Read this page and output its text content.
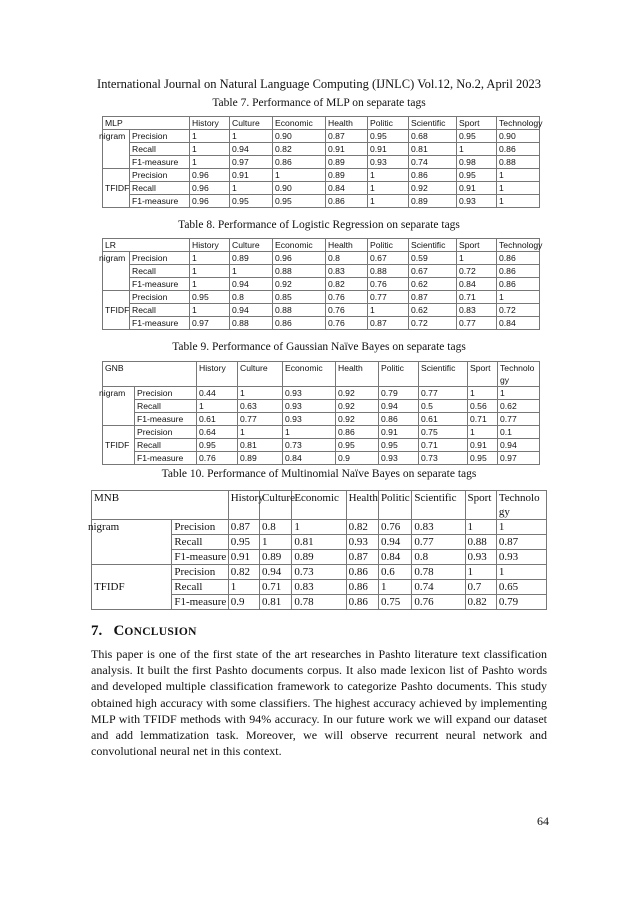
International Journal on Natural Language Computing (IJNLC) Vol.12, No.2, April 2023
Table 7. Performance of MLP on separate tags
MLP		History	Culture	Economic	Health	Politic	Scientific	Sport	Technology
nigram	Precision	1	1	0.90	0.87	0.95	0.68	0.95	0.90
	Recall	1	0.94	0.82	0.91	0.91	0.81	1	0.86
	F1-measure	1	0.97	0.86	0.89	0.93	0.74	0.98	0.88
TFIDF	Precision	0.96	0.91	1	0.89	1	0.86	0.95	1
	Recall	0.96	1	0.90	0.84	1	0.92	0.91	1
	F1-measure	0.96	0.95	0.95	0.86	1	0.89	0.93	1
Table 8. Performance of Logistic Regression on separate tags
LR		History	Culture	Economic	Health	Politic	Scientific	Sport	Technology
nigram	Precision	1	0.89	0.96	0.8	0.67	0.59	1	0.86
	Recall	1	1	0.88	0.83	0.88	0.67	0.72	0.86
	F1-measure	1	0.94	0.92	0.82	0.76	0.62	0.84	0.86
TFIDF	Precision	0.95	0.8	0.85	0.76	0.77	0.87	0.71	1
	Recall	1	0.94	0.88	0.76	1	0.62	0.83	0.72
	F1-measure	0.97	0.88	0.86	0.76	0.87	0.72	0.77	0.84
Table 9. Performance of Gaussian Naïve Bayes on separate tags
GNB		History	Culture	Economic	Health	Politic	Scientific	Sport	Technology
nigram	Precision	0.44	1	0.93	0.92	0.79	0.77	1	1
	Recall	1	0.63	0.93	0.92	0.94	0.5	0.56	0.62
	F1-measure	0.61	0.77	0.93	0.92	0.86	0.61	0.71	0.77
TFIDF	Precision	0.64	1	1	0.86	0.91	0.75	1	0.1
	Recall	0.95	0.81	0.73	0.95	0.95	0.71	0.91	0.94
	F1-measure	0.76	0.89	0.84	0.9	0.93	0.73	0.95	0.97
Table 10. Performance of Multinomial Naïve Bayes on separate tags
MNB		History	Culture	Economic	Health	Politic	Scientific	Sport	Technology
nigram	Precision	0.87	0.8	1	0.82	0.76	0.83	1	1
	Recall	0.95	1	0.81	0.93	0.94	0.77	0.88	0.87
	F1-measure	0.91	0.89	0.89	0.87	0.84	0.8	0.93	0.93
TFIDF	Precision	0.82	0.94	0.73	0.86	0.6	0.78	1	1
	Recall	1	0.71	0.83	0.86	1	0.74	0.7	0.65
	F1-measure	0.9	0.81	0.78	0.86	0.75	0.76	0.82	0.79
7. CONCLUSION
This paper is one of the first state of the art researches in Pashto literature text classification analysis. It built the first Pashto documents corpus. It also made lexicon list of Pashto words and developed multiple classification framework to categorize Pashto documents. This study obtained high accuracy with some classifiers. The highest accuracy achieved by implementing MLP with TFIDF methods with 94% accuracy. In our future work we will expand our dataset and add lemmatization task. Moreover, we will observe recurrent neural network and convolutional neural net in this context.
64
